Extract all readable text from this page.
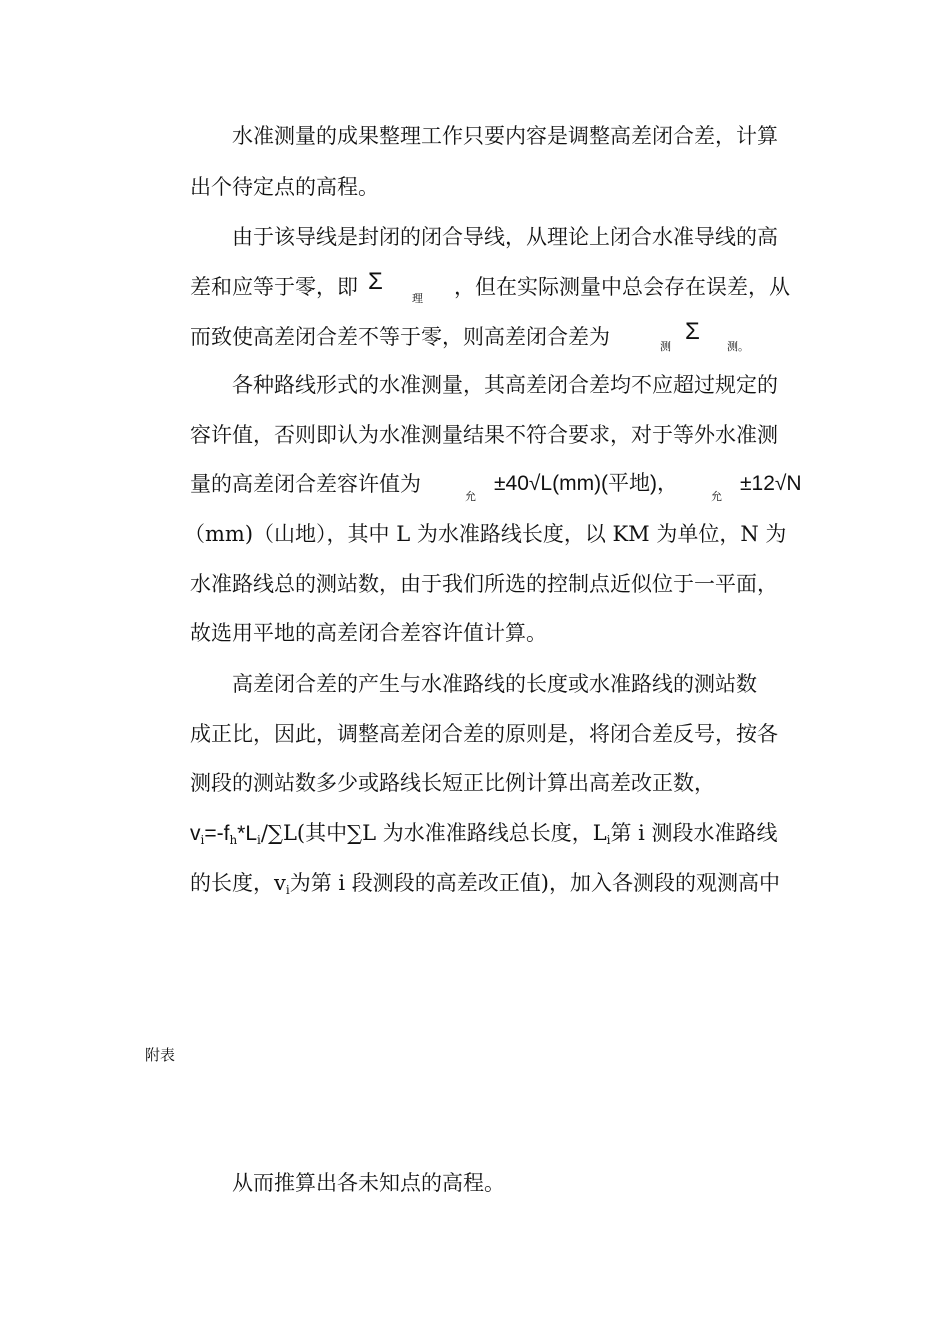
水准测量的成果整理工作只要内容是调整高差闭合差，计算
出个待定点的高程。
由于该导线是封闭的闭合导线，从理论上闭合水准导线的高
差和应等于零，即 Σ
理 ，但在实际测量中总会存在误差，从
而致使高差闭合差不等于零，则高差闭合差为	测
Σ
测。
各种路线形式的水准测量，其高差闭合差均不应超过规定的
容许值，否则即认为水准测量结果不符合要求，对于等外水准测
量的高差闭合差容许值为
允
±40√L(mm)(平地)，
允
±12√N
（mm)（山地），其中 L 为水准路线长度，以 KM 为单位，N 为
水准路线总的测站数，由于我们所选的控制点近似位于一平面，
故选用平地的高差闭合差容许值计算。
高差闭合差的产生与水准路线的长度或水准路线的测站数
成正比，因此，调整高差闭合差的原则是，将闭合差反号，按各
测段的测站数多少或路线长短正比例计算出高差改正数，
$v_i=-f_h*L_i/\sum L$(其中∑L 为水准准路线总长度，$L_i$第 i 测段水准路线
的长度，$v_i$为第 i 段测段的高差改正值)，加入各测段的观测高中
附表
从而推算出各未知点的高程。
